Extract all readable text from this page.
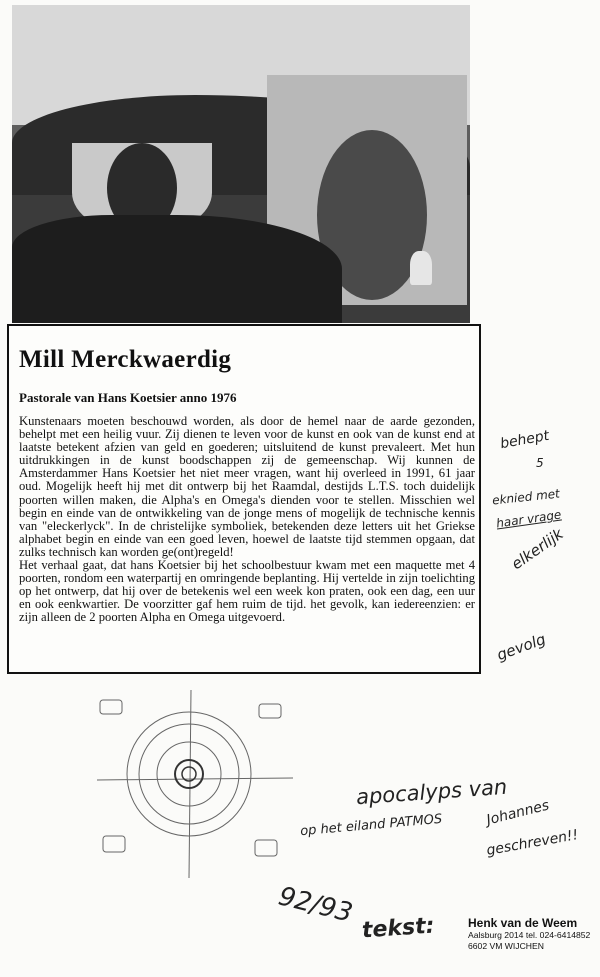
Mill Merckwaerdig
Pastorale van Hans Koetsier anno 1976

Kunstenaars moeten beschouwd worden, als door de hemel naar de aarde gezonden, behelpt met een heilig vuur. Zij dienen te leven voor de kunst en ook van de kunst end at laatste betekent afzien van geld en goederen; uitsluitend de kunst prevaleert. Met hun uitdrukkingen in de kunst boodschappen zij de gemeenschap. Wij kunnen de Amsterdammer Hans Koetsier het niet meer vragen, want hij overleed in 1991, 61 jaar oud. Mogelijk heeft hij met dit ontwerp bij het Raamdal, destijds L.T.S. toch duidelijk poorten willen maken, die Alpha's en Omega's dienden voor te stellen. Misschien wel begin en einde van de ontwikkeling van de jonge mens of mogelijk de technische kennis van "eleckerlyck". In de christelijke symboliek, betekenden deze letters uit het Griekse alphabet begin en einde van een goed leven, hoewel de laatste tijd stemmen opgaan, dat zulks technisch kan worden ge(ont)regeld!

Het verhaal gaat, dat hans Koetsier bij het schoolbestuur kwam met een maquette met 4 poorten, rondom een waterpartij en omringende beplanting. Hij vertelde in zijn toelichting op het ontwerp, dat hij over de betekenis wel een week kon praten, ook een dag, een uur en ook eenkwartier. De voorzitter gaf hem ruim de tijd. het gevolk, kan iedereenzien: er zijn alleen de 2 poorten Alpha en Omega uitgevoerd.

behept
5
eknied met
haar vrage
elkerlijk
gevolg
apocalyps van
op het eiland PATMOS	Johannes
geschreven!!
92/93 tekst:	Henk van de Weem
Aalsburg 2014 tel. 024-6414852
6602 VM WIJCHEN
